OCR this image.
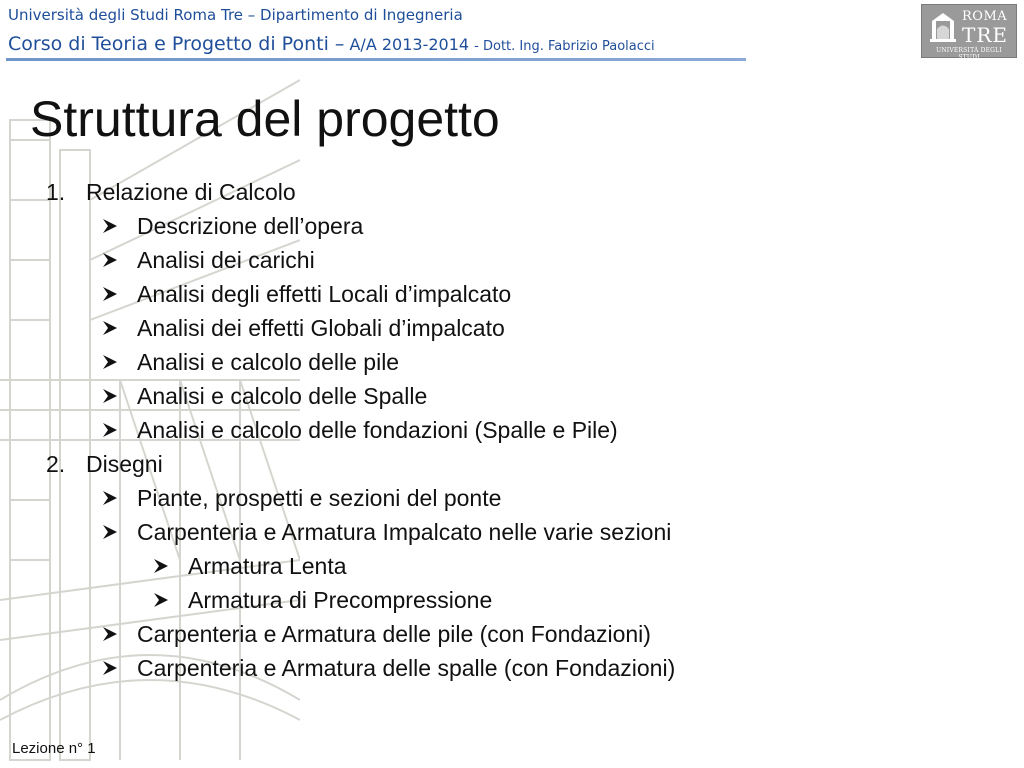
Università degli Studi Roma Tre – Dipartimento di Ingegneria
Corso di Teoria e Progetto di Ponti – A/A 2013-2014 - Dott. Ing. Fabrizio Paolacci
ROMA
TRE
UNIVERSITÀ DEGLI STUDI
Struttura del progetto
1. Relazione di Calcolo
Descrizione dell’opera
Analisi dei carichi
Analisi degli effetti Locali d’impalcato
Analisi dei effetti Globali d’impalcato
Analisi e calcolo delle pile
Analisi e calcolo delle Spalle
Analisi e calcolo delle fondazioni (Spalle e Pile)
2. Disegni
Piante, prospetti e sezioni del ponte
Carpenteria e Armatura Impalcato nelle varie sezioni
Armatura Lenta
Armatura di Precompressione
Carpenteria e Armatura delle pile (con Fondazioni)
Carpenteria e Armatura delle spalle (con Fondazioni)
Lezione n° 1
